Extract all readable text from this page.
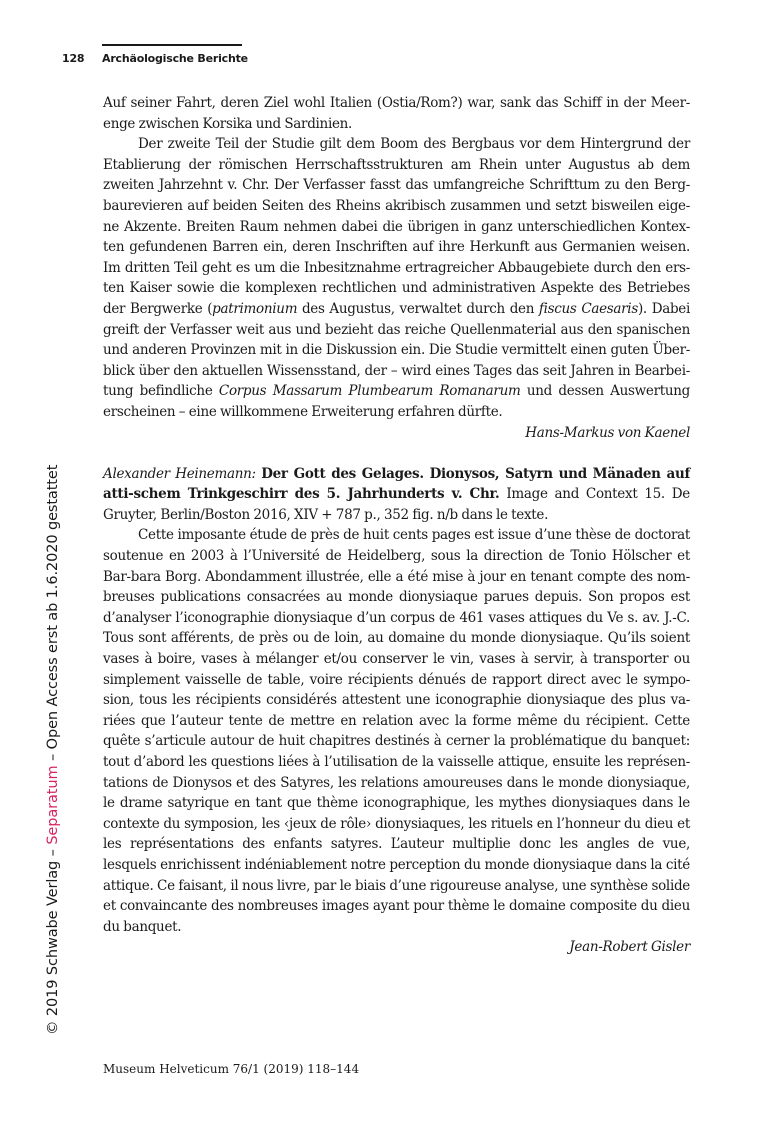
128 Archäologische Berichte

Auf seiner Fahrt, deren Ziel wohl Italien (Ostia/Rom?) war, sank das Schiff in der Meer-enge zwischen Korsika und Sardinien.

Der zweite Teil der Studie gilt dem Boom des Bergbaus vor dem Hintergrund der Etablierung der römischen Herrschaftsstrukturen am Rhein unter Augustus ab dem zweiten Jahrzehnt v. Chr. Der Verfasser fasst das umfangreiche Schrifttum zu den Berg-baurevieren auf beiden Seiten des Rheins akribisch zusammen und setzt bisweilen eige-ne Akzente. Breiten Raum nehmen dabei die übrigen in ganz unterschiedlichen Kontex-ten gefundenen Barren ein, deren Inschriften auf ihre Herkunft aus Germanien weisen. Im dritten Teil geht es um die Inbesitznahme ertragreicher Abbaugebiete durch den ers-ten Kaiser sowie die komplexen rechtlichen und administrativen Aspekte des Betriebes der Bergwerke (patrimonium des Augustus, verwaltet durch den fiscus Caesaris). Dabei greift der Verfasser weit aus und bezieht das reiche Quellenmaterial aus den spanischen und anderen Provinzen mit in die Diskussion ein. Die Studie vermittelt einen guten Über-blick über den aktuellen Wissensstand, der – wird eines Tages das seit Jahren in Bearbei-tung befindliche Corpus Massarum Plumbearum Romanarum und dessen Auswertung erscheinen – eine willkommene Erweiterung erfahren dürfte.

Hans-Markus von Kaenel

Alexander Heinemann: Der Gott des Gelages. Dionysos, Satyrn und Mänaden auf atti-schem Trinkgeschirr des 5. Jahrhunderts v. Chr. Image and Context 15. De Gruyter, Berlin/Boston 2016, XIV + 787 p., 352 fig. n/b dans le texte.

Cette imposante étude de près de huit cents pages est issue d’une thèse de doctorat soutenue en 2003 à l’Université de Heidelberg, sous la direction de Tonio Hölscher et Bar-bara Borg. Abondamment illustrée, elle a été mise à jour en tenant compte des nom-breuses publications consacrées au monde dionysiaque parues depuis. Son propos est d’analyser l’iconographie dionysiaque d’un corpus de 461 vases attiques du Ve s. av. J.-C. Tous sont afférents, de près ou de loin, au domaine du monde dionysiaque. Qu’ils soient vases à boire, vases à mélanger et/ou conserver le vin, vases à servir, à transporter ou simplement vaisselle de table, voire récipients dénués de rapport direct avec le sympo-sion, tous les récipients considérés attestent une iconographie dionysiaque des plus va-riées que l’auteur tente de mettre en relation avec la forme même du récipient. Cette quête s’articule autour de huit chapitres destinés à cerner la problématique du banquet: tout d’abord les questions liées à l’utilisation de la vaisselle attique, ensuite les représen-tations de Dionysos et des Satyres, les relations amoureuses dans le monde dionysiaque, le drame satyrique en tant que thème iconographique, les mythes dionysiaques dans le contexte du symposion, les ‹jeux de rôle› dionysiaques, les rituels en l’honneur du dieu et les représentations des enfants satyres. L’auteur multiplie donc les angles de vue, lesquels enrichissent indéniablement notre perception du monde dionysiaque dans la cité attique. Ce faisant, il nous livre, par le biais d’une rigoureuse analyse, une synthèse solide et convaincante des nombreuses images ayant pour thème le domaine composite du dieu du banquet.

Jean-Robert Gisler

© 2019 Schwabe Verlag – Separatum – Open Access erst ab 1.6.2020 gestattet
Museum Helveticum 76/1 (2019) 118–144
